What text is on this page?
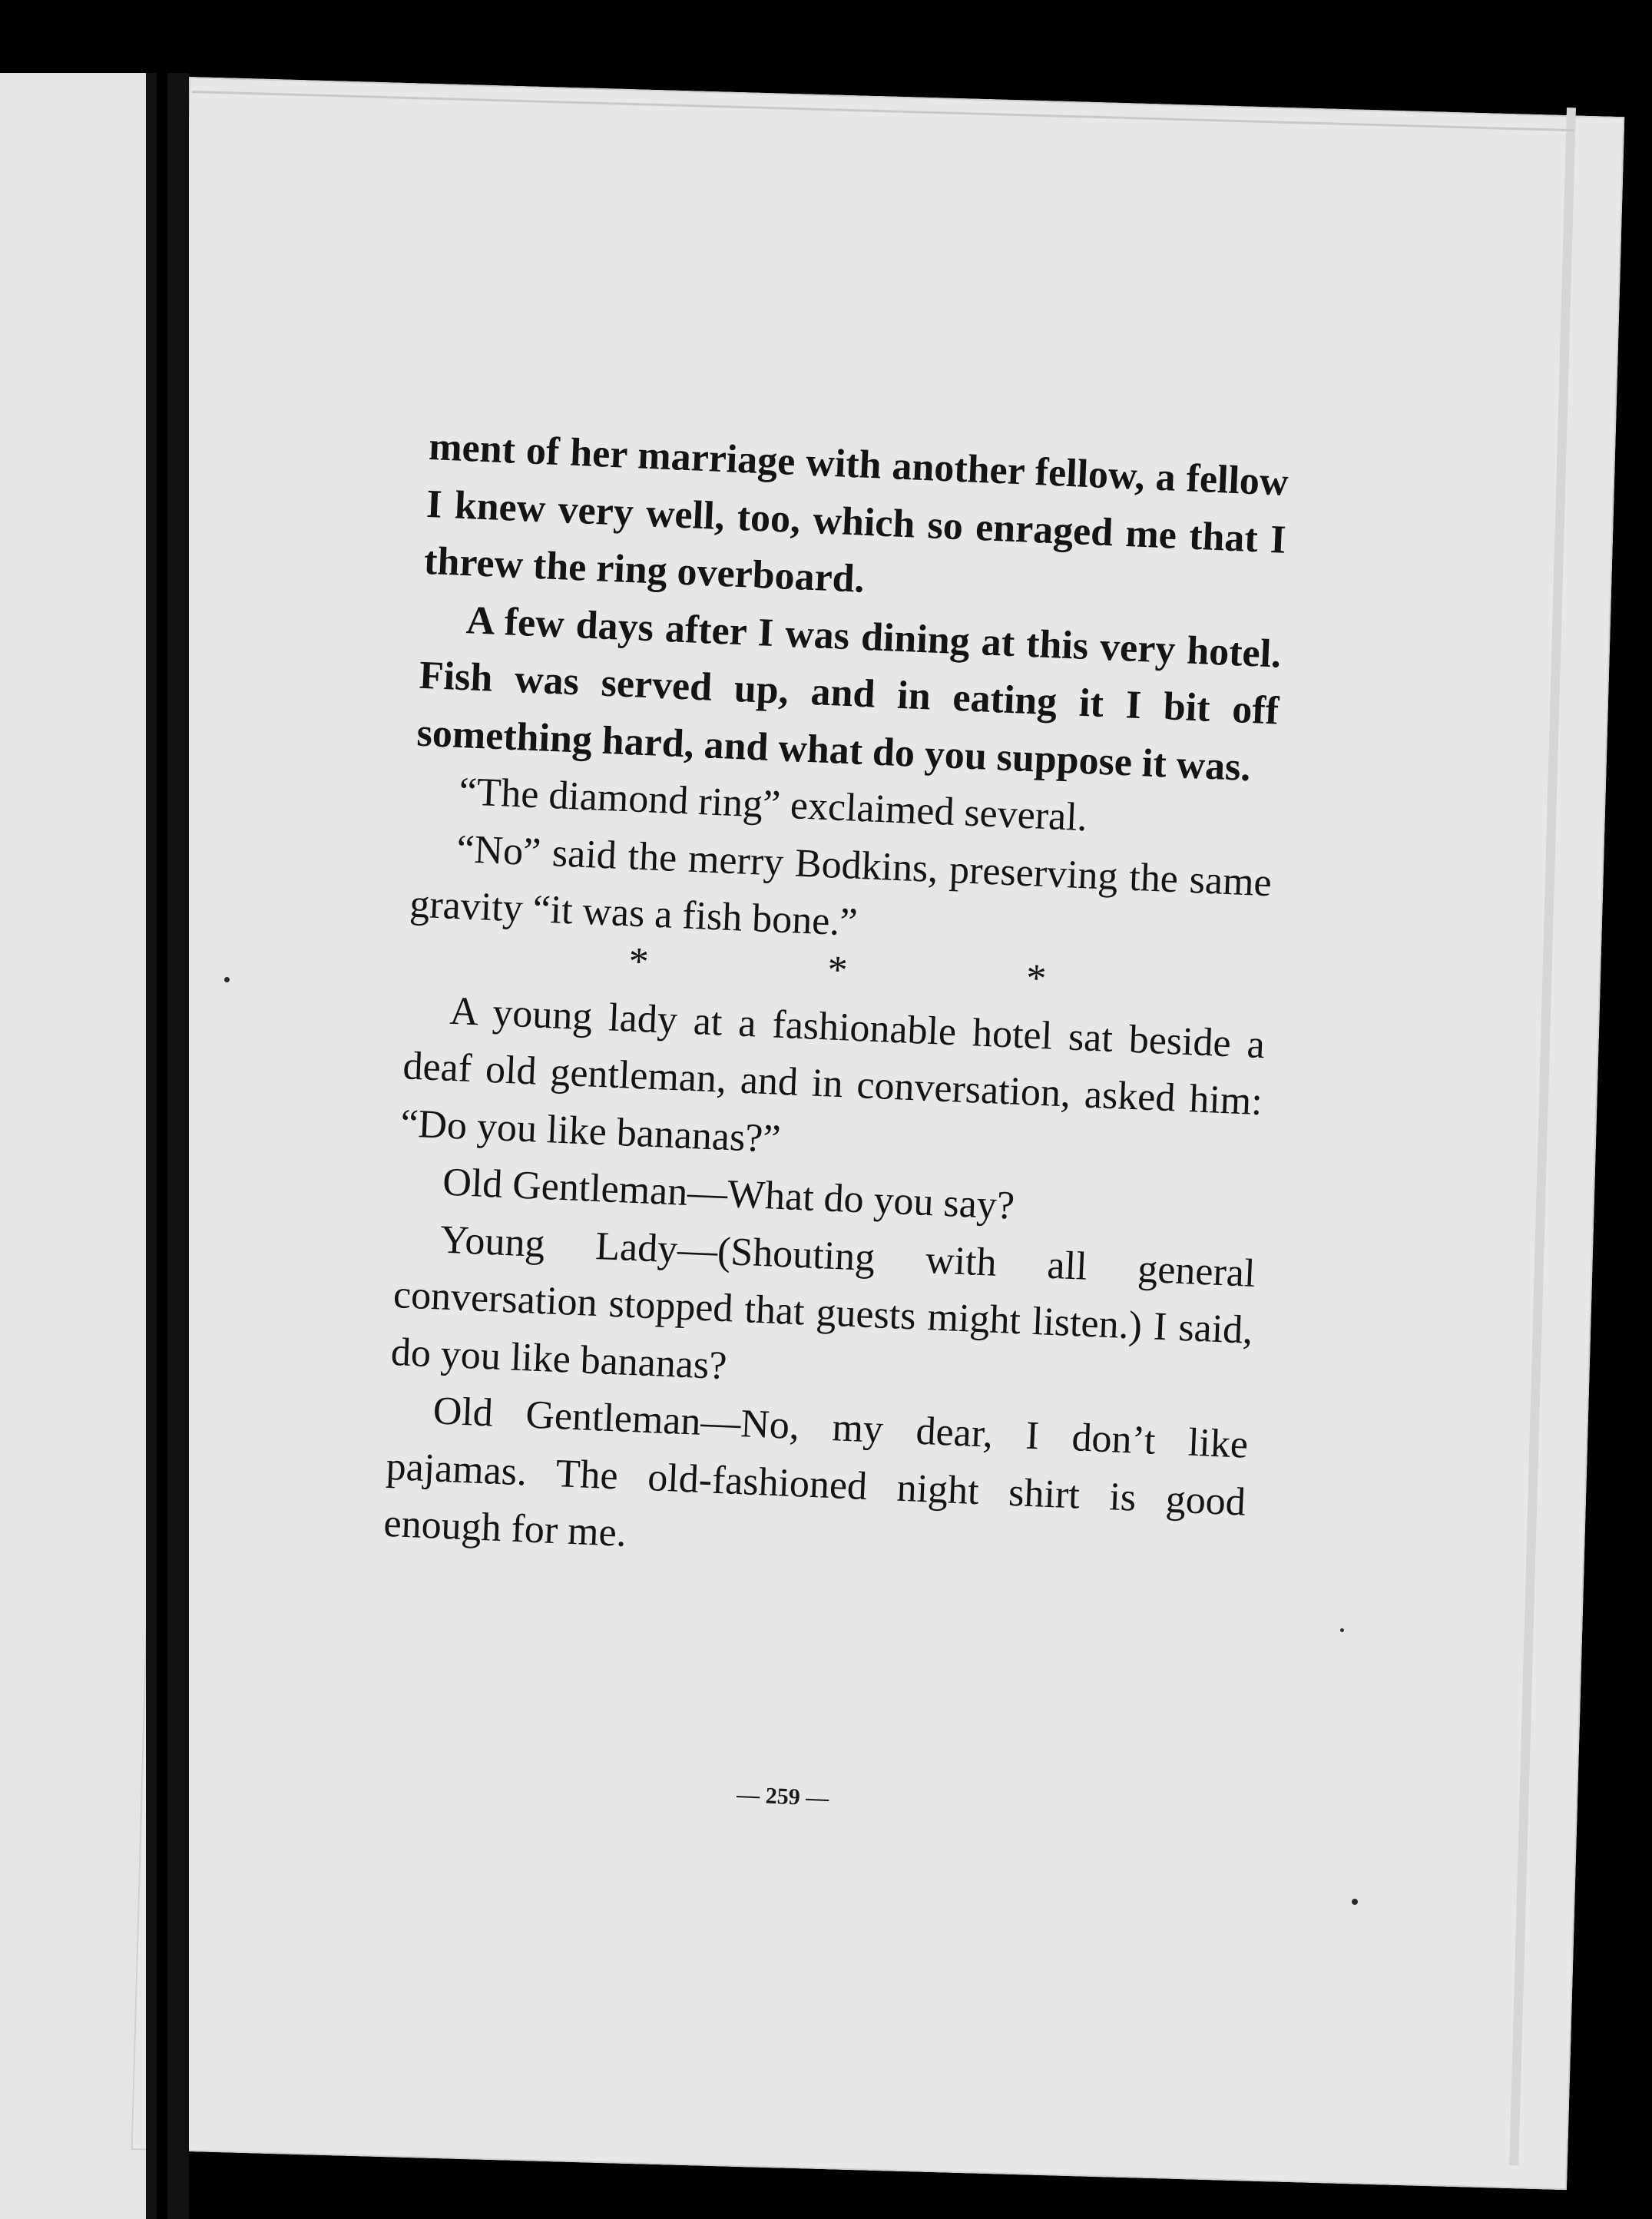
ment of her marriage with another fellow, a fellow I knew very well, too, which so enraged me that I threw the ring overboard.

A few days after I was dining at this very hotel. Fish was served up, and in eating it I bit off something hard, and what do you suppose it was.

“The diamond ring” exclaimed several.

“No” said the merry Bodkins, preserving the same gravity “it was a fish bone.”

* * *

A young lady at a fashionable hotel sat beside a deaf old gentleman, and in conversation, asked him: “Do you like bananas?”

Old Gentleman—What do you say?

Young Lady—(Shouting with all general conversation stopped that guests might listen.) I said, do you like bananas?

Old Gentleman—No, my dear, I don’t like pajamas. The old-fashioned night shirt is good enough for me.

— 259 —
